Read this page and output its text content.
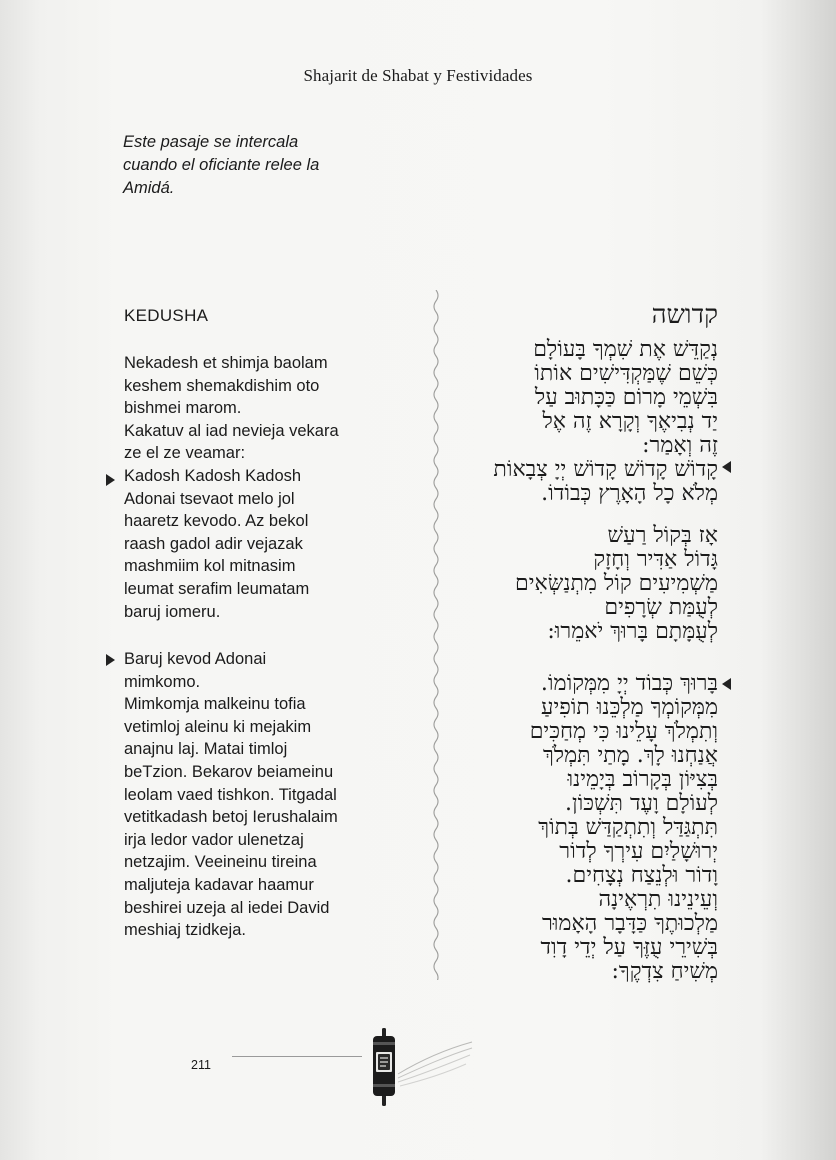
Shajarit de Shabat y Festividades
Este pasaje se intercala
cuando el oficiante relee la
Amidá.
KEDUSHA	קדושה
Nekadesh et shimja baolam
keshem shemakdishim oto
bishmei marom.
Kakatuv al iad nevieja vekara
ze el ze veamar:
Kadosh Kadosh Kadosh
Adonai tsevaot melo jol
haaretz kevodo. Az bekol
raash gadol adir vejazak
mashmiim kol mitnasim
leumat serafim leumatam
baruj iomeru.
Baruj kevod Adonai
mimkomo.
Mimkomja malkeinu tofia
vetimloj aleinu ki mejakim
anajnu laj. Matai timloj
beTzion. Bekarov beiameinu
leolam vaed tishkon. Titgadal
vetitkadash betoj Ierushalaim
irja ledor vador ulenetzaj
netzajim. Veeineinu tireina
maljuteja kadavar haamur
beshirei uzeja al iedei David
meshiaj tzidkeja.
נְקַדֵּשׁ אֶת שִׁמְךָ בָּעוֹלָם
כְּשֵׁם שֶׁמַּקְדִּישִׁים אוֹתוֹ
בִּשְׁמֵי מָרוֹם כַּכָּתוּב עַל
יַד נְבִיאֶךָ וְקָרָא זֶה אֶל
זֶה וְאָמַר:
קָדוֹשׁ קָדוֹשׁ קָדוֹשׁ יְיָ צְבָאוֹת
מְלֹא כָל הָאָרֶץ כְּבוֹדוֹ.
אָז בְּקוֹל רַעַשׁ
גָּדוֹל אַדִּיר וְחָזָק
מַשְׁמִיעִים קוֹל מִתְנַשְּׂאִים
לְעֻמַּת שְׂרָפִים
לְעֻמָּתָם בָּרוּךְ יֹאמֵרוּ:
בָּרוּךְ כְּבוֹד יְיָ מִמְּקוֹמוֹ.
מִמְּקוֹמְךָ מַלְכֵּנוּ תוֹפִיעַ
וְתִמְלֹךְ עָלֵינוּ כִּי מְחַכִּים
אֲנַחְנוּ לָךְ. מָתַי תִּמְלֹךְ
בְּצִיּוֹן בְּקָרוֹב בְּיָמֵינוּ
לְעוֹלָם וָעֶד תִּשְׁכּוֹן.
תִּתְגַּדַּל וְתִתְקַדַּשׁ בְּתוֹךְ
יְרוּשָׁלַיִם עִירְךָ לְדוֹר
וָדוֹר וּלְנֵצַח נְצָחִים.
וְעֵינֵינוּ תִרְאֶינָה
מַלְכוּתֶךָ כַּדָּבָר הָאָמוּר
בְּשִׁירֵי עֻזֶּךָ עַל יְדֵי דָוִד
מְשִׁיחַ צִדְקֶךָ:
211
